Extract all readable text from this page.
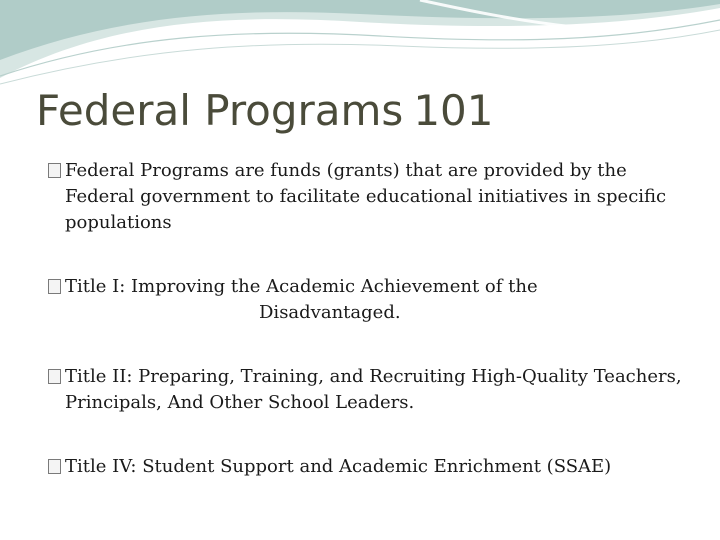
Federal Programs 101
Federal Programs are funds (grants) that are provided by the Federal government to facilitate educational initiatives in specific populations
Title I: Improving the Academic Achievement of the
Disadvantaged.
Title II: Preparing, Training, and Recruiting High-Quality Teachers, Principals, And Other School Leaders.
Title IV: Student Support and Academic Enrichment (SSAE)
